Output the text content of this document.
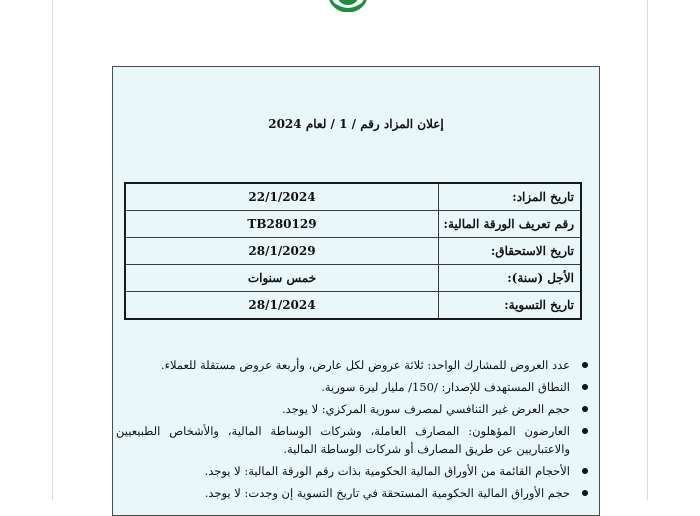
إعلان المزاد رقم / 1 / لعام 2024
تاريخ المزاد:
22/1/2024
رقم تعريف الورقة المالية:
TB280129
تاريخ الاستحقاق:
28/1/2029
الأجل (سنة):
خمس سنوات
تاريخ التسوية:
28/1/2024
عدد العروض للمشارك الواحد: ثلاثة عروض لكل عارض، وأربعة عروض مستقلة للعملاء.
النطاق المستهدف للإصدار: /150/ مليار ليرة سورية.
حجم العرض غير التنافسي لمصرف سورية المركزي: لا يوجد.
العارضون المؤهلون: المصارف العاملة، وشركات الوساطة المالية، والأشخاص الطبيعيين والاعتباريين عن طريق المصارف أو شركات الوساطة المالية.
الأحجام القائمة من الأوراق المالية الحكومية بذات رقم الورقة المالية: لا يوجد.
حجم الأوراق المالية الحكومية المستحقة في تاريخ التسوية إن وجدت: لا يوجد.
